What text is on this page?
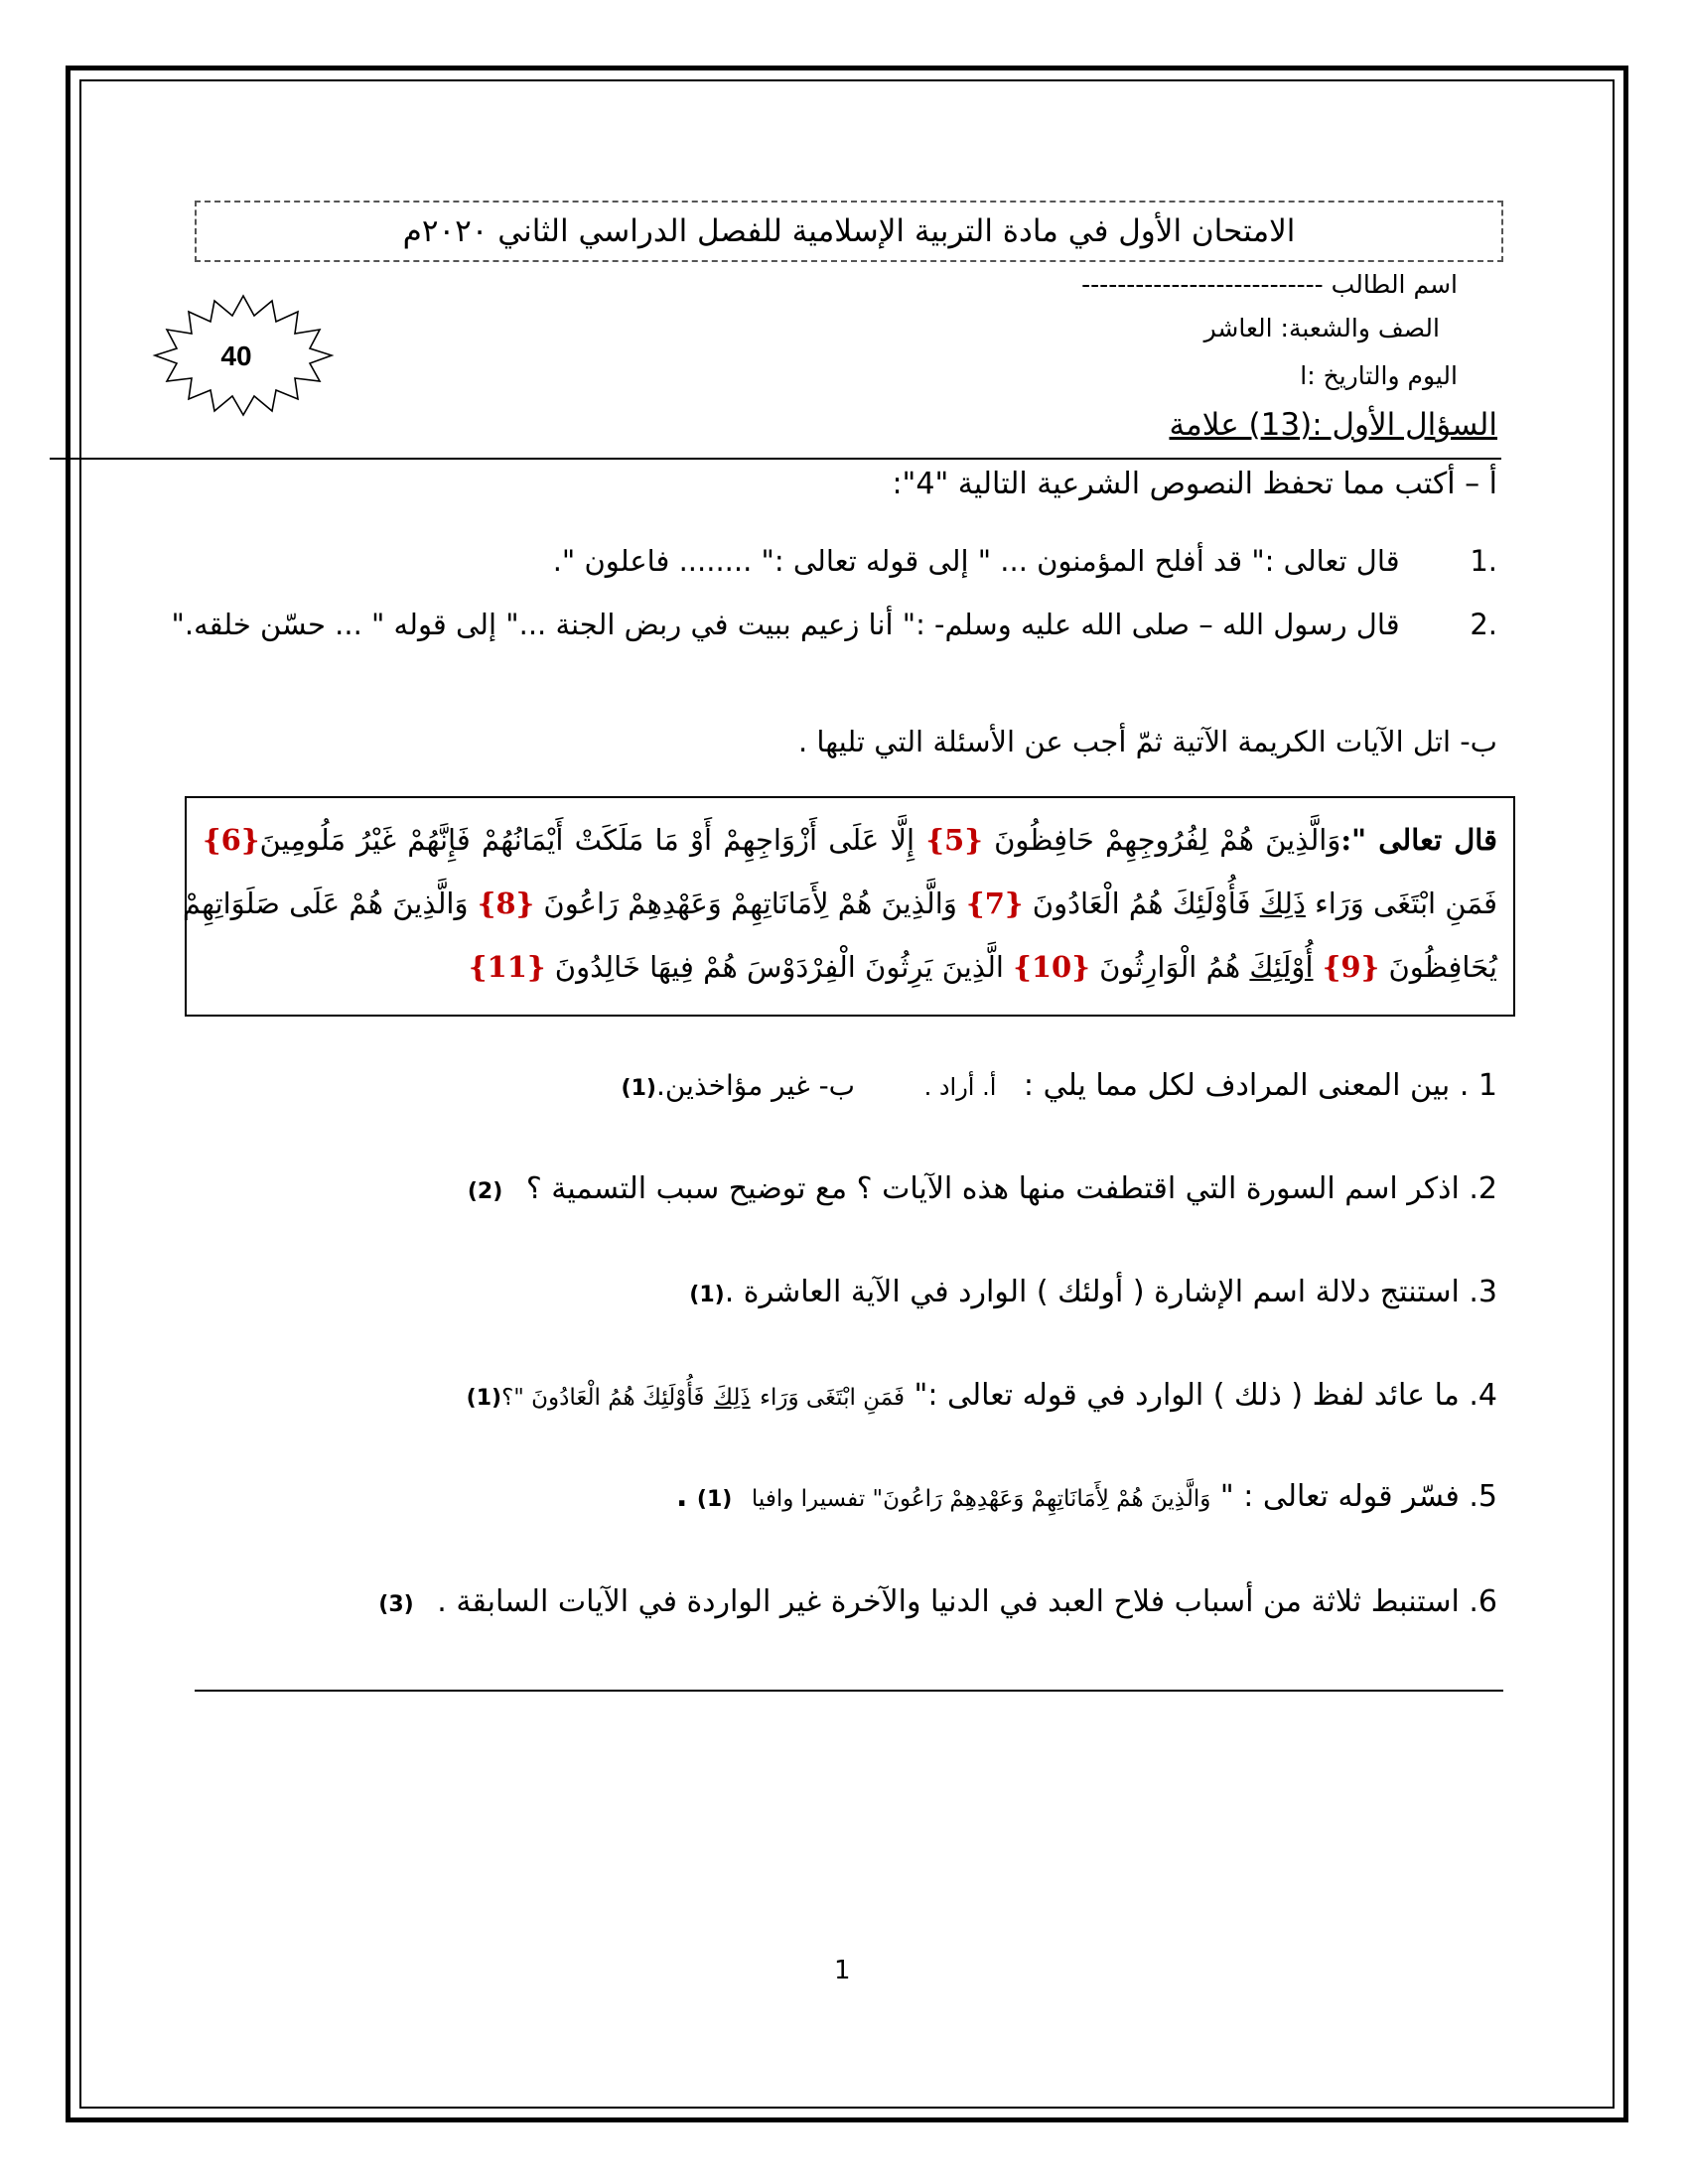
الامتحان الأول في مادة التربية الإسلامية للفصل الدراسي الثاني ٢٠٢٠م
اسم الطالب ---------------------------
الصف والشعبة: العاشر
اليوم والتاريخ :ا
40
السؤال الأول :(13) علامة
أ – أكتب مما تحفظ النصوص الشرعية التالية "4":
.1  قال تعالى :" قد أفلح المؤمنون ... " إلى قوله تعالى :" ........ فاعلون ".
.2  قال رسول الله – صلى الله عليه وسلم- :" أنا زعيم ببيت في ربض الجنة ..." إلى قوله " ... حسّن خلقه."
ب- اتل الآيات الكريمة الآتية ثمّ أجب عن الأسئلة التي تليها .
قال تعالى ":وَالَّذِينَ هُمْ لِفُرُوجِهِمْ حَافِظُونَ {5} إِلَّا عَلَى أَزْوَاجِهِمْ أَوْ مَا مَلَكَتْ أَيْمَانُهُمْ فَإِنَّهُمْ غَيْرُ مَلُومِينَ{6}
فَمَنِ ابْتَغَى وَرَاء ذَلِكَ فَأُوْلَئِكَ هُمُ الْعَادُونَ {7} وَالَّذِينَ هُمْ لِأَمَانَاتِهِمْ وَعَهْدِهِمْ رَاعُونَ {8} وَالَّذِينَ هُمْ عَلَى صَلَوَاتِهِمْ
يُحَافِظُونَ {9} أُوْلَئِكَ هُمُ الْوَارِثُونَ {10} الَّذِينَ يَرِثُونَ الْفِرْدَوْسَ هُمْ فِيهَا خَالِدُونَ {11}
1 . بين المعنى المرادف لكل مما يلي : أ. أراد . ب- غير مؤاخذين.(1)
2. اذكر اسم السورة التي اقتطفت منها هذه الآيات ؟ مع توضيح سبب التسمية ؟ (2)
3. استنتج دلالة اسم الإشارة ( أولئك ) الوارد في الآية العاشرة .(1)
4. ما عائد لفظ ( ذلك ) الوارد في قوله تعالى :" فَمَنِ ابْتَغَى وَرَاء ذَلِكَ فَأُوْلَئِكَ هُمُ الْعَادُونَ "؟(1)
5. فسّر قوله تعالى : " وَالَّذِينَ هُمْ لِأَمَانَاتِهِمْ وَعَهْدِهِمْ رَاعُونَ" تفسيرا وافيا (1) .
6. استنبط ثلاثة من أسباب فلاح العبد في الدنيا والآخرة غير الواردة في الآيات السابقة . (3)
1
